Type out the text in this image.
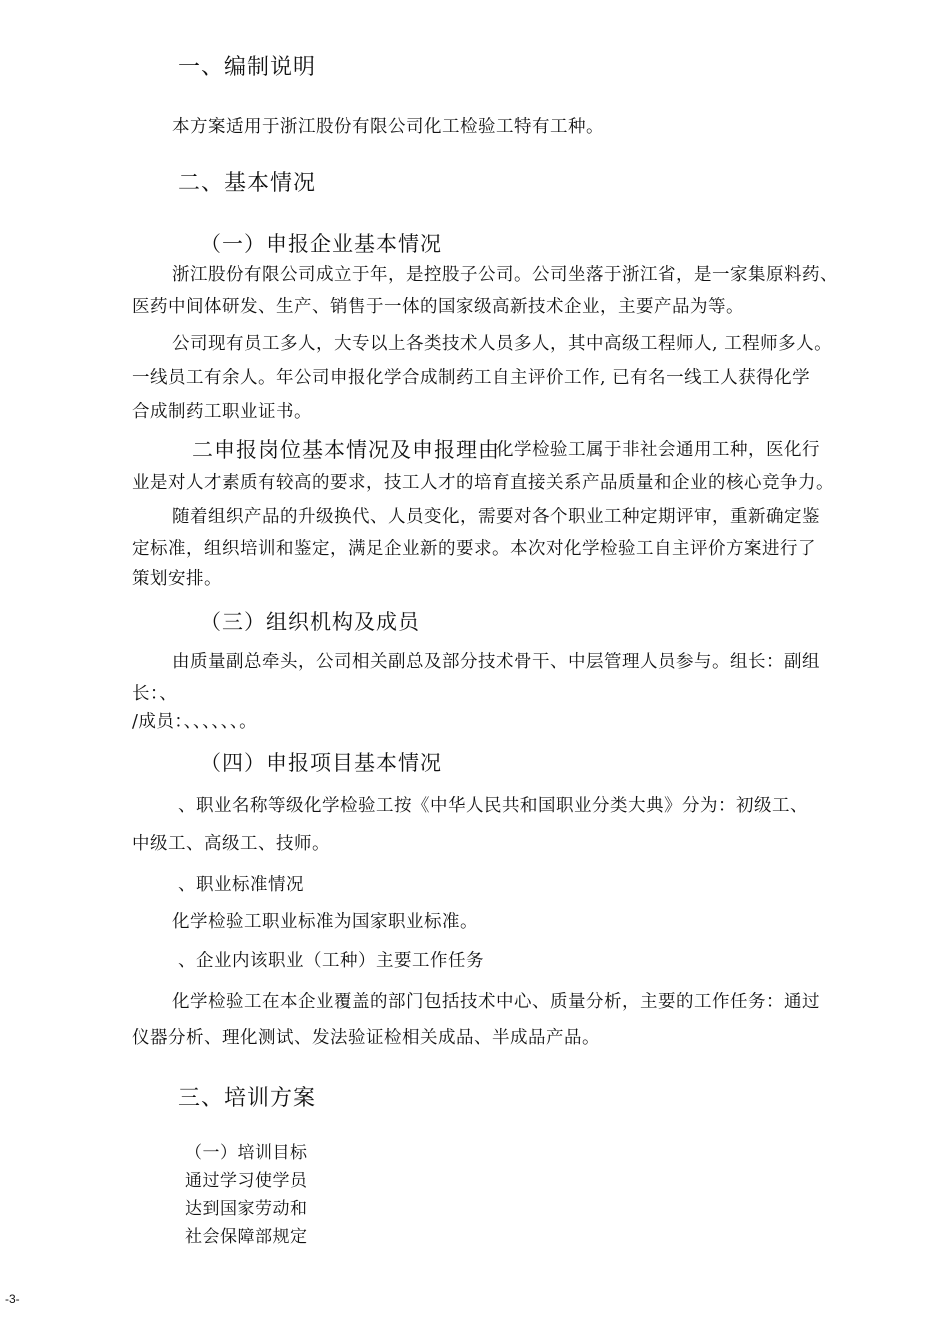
一、编制说明

本方案适用于浙江股份有限公司化工检验工特有工种。

二、基本情况

（一）申报企业基本情况

浙江股份有限公司成立于年，是控股子公司。公司坐落于浙江省，是一家集原料药、

医药中间体研发、生产、销售于一体的国家级高新技术企业，主要产品为等。

公司现有员工多人，大专以上各类技术人员多人，其中高级工程师人, 工程师多人。

一线员工有余人。年公司申报化学合成制药工自主评价工作, 已有名一线工人获得化学

合成制药工职业证书。

二申报岗位基本情况及申报理由

化学检验工属于非社会通用工种，医化行

业是对人才素质有较高的要求，技工人才的培育直接关系产品质量和企业的核心竞争力。

随着组织产品的升级换代、人员变化，需要对各个职业工种定期评审，重新确定鉴

定标准，组织培训和鉴定，满足企业新的要求。本次对化学检验工自主评价方案进行了

策划安排。

（三）组织机构及成员

由质量副总牵头，公司相关副总及部分技术骨干、中层管理人员参与。组长：副组

长：、

/成员：、、、、、、。

（四）申报项目基本情况

、职业名称等级化学检验工按《中华人民共和国职业分类大典》分为：初级工、

中级工、高级工、技师。

、职业标准情况

化学检验工职业标准为国家职业标准。

、企业内该职业（工种）主要工作任务

化学检验工在本企业覆盖的部门包括技术中心、质量分析，主要的工作任务：通过

仪器分析、理化测试、发法验证检相关成品、半成品产品。

三、培训方案

（一）培训目标

通过学习使学员

达到国家劳动和

社会保障部规定

-3-
